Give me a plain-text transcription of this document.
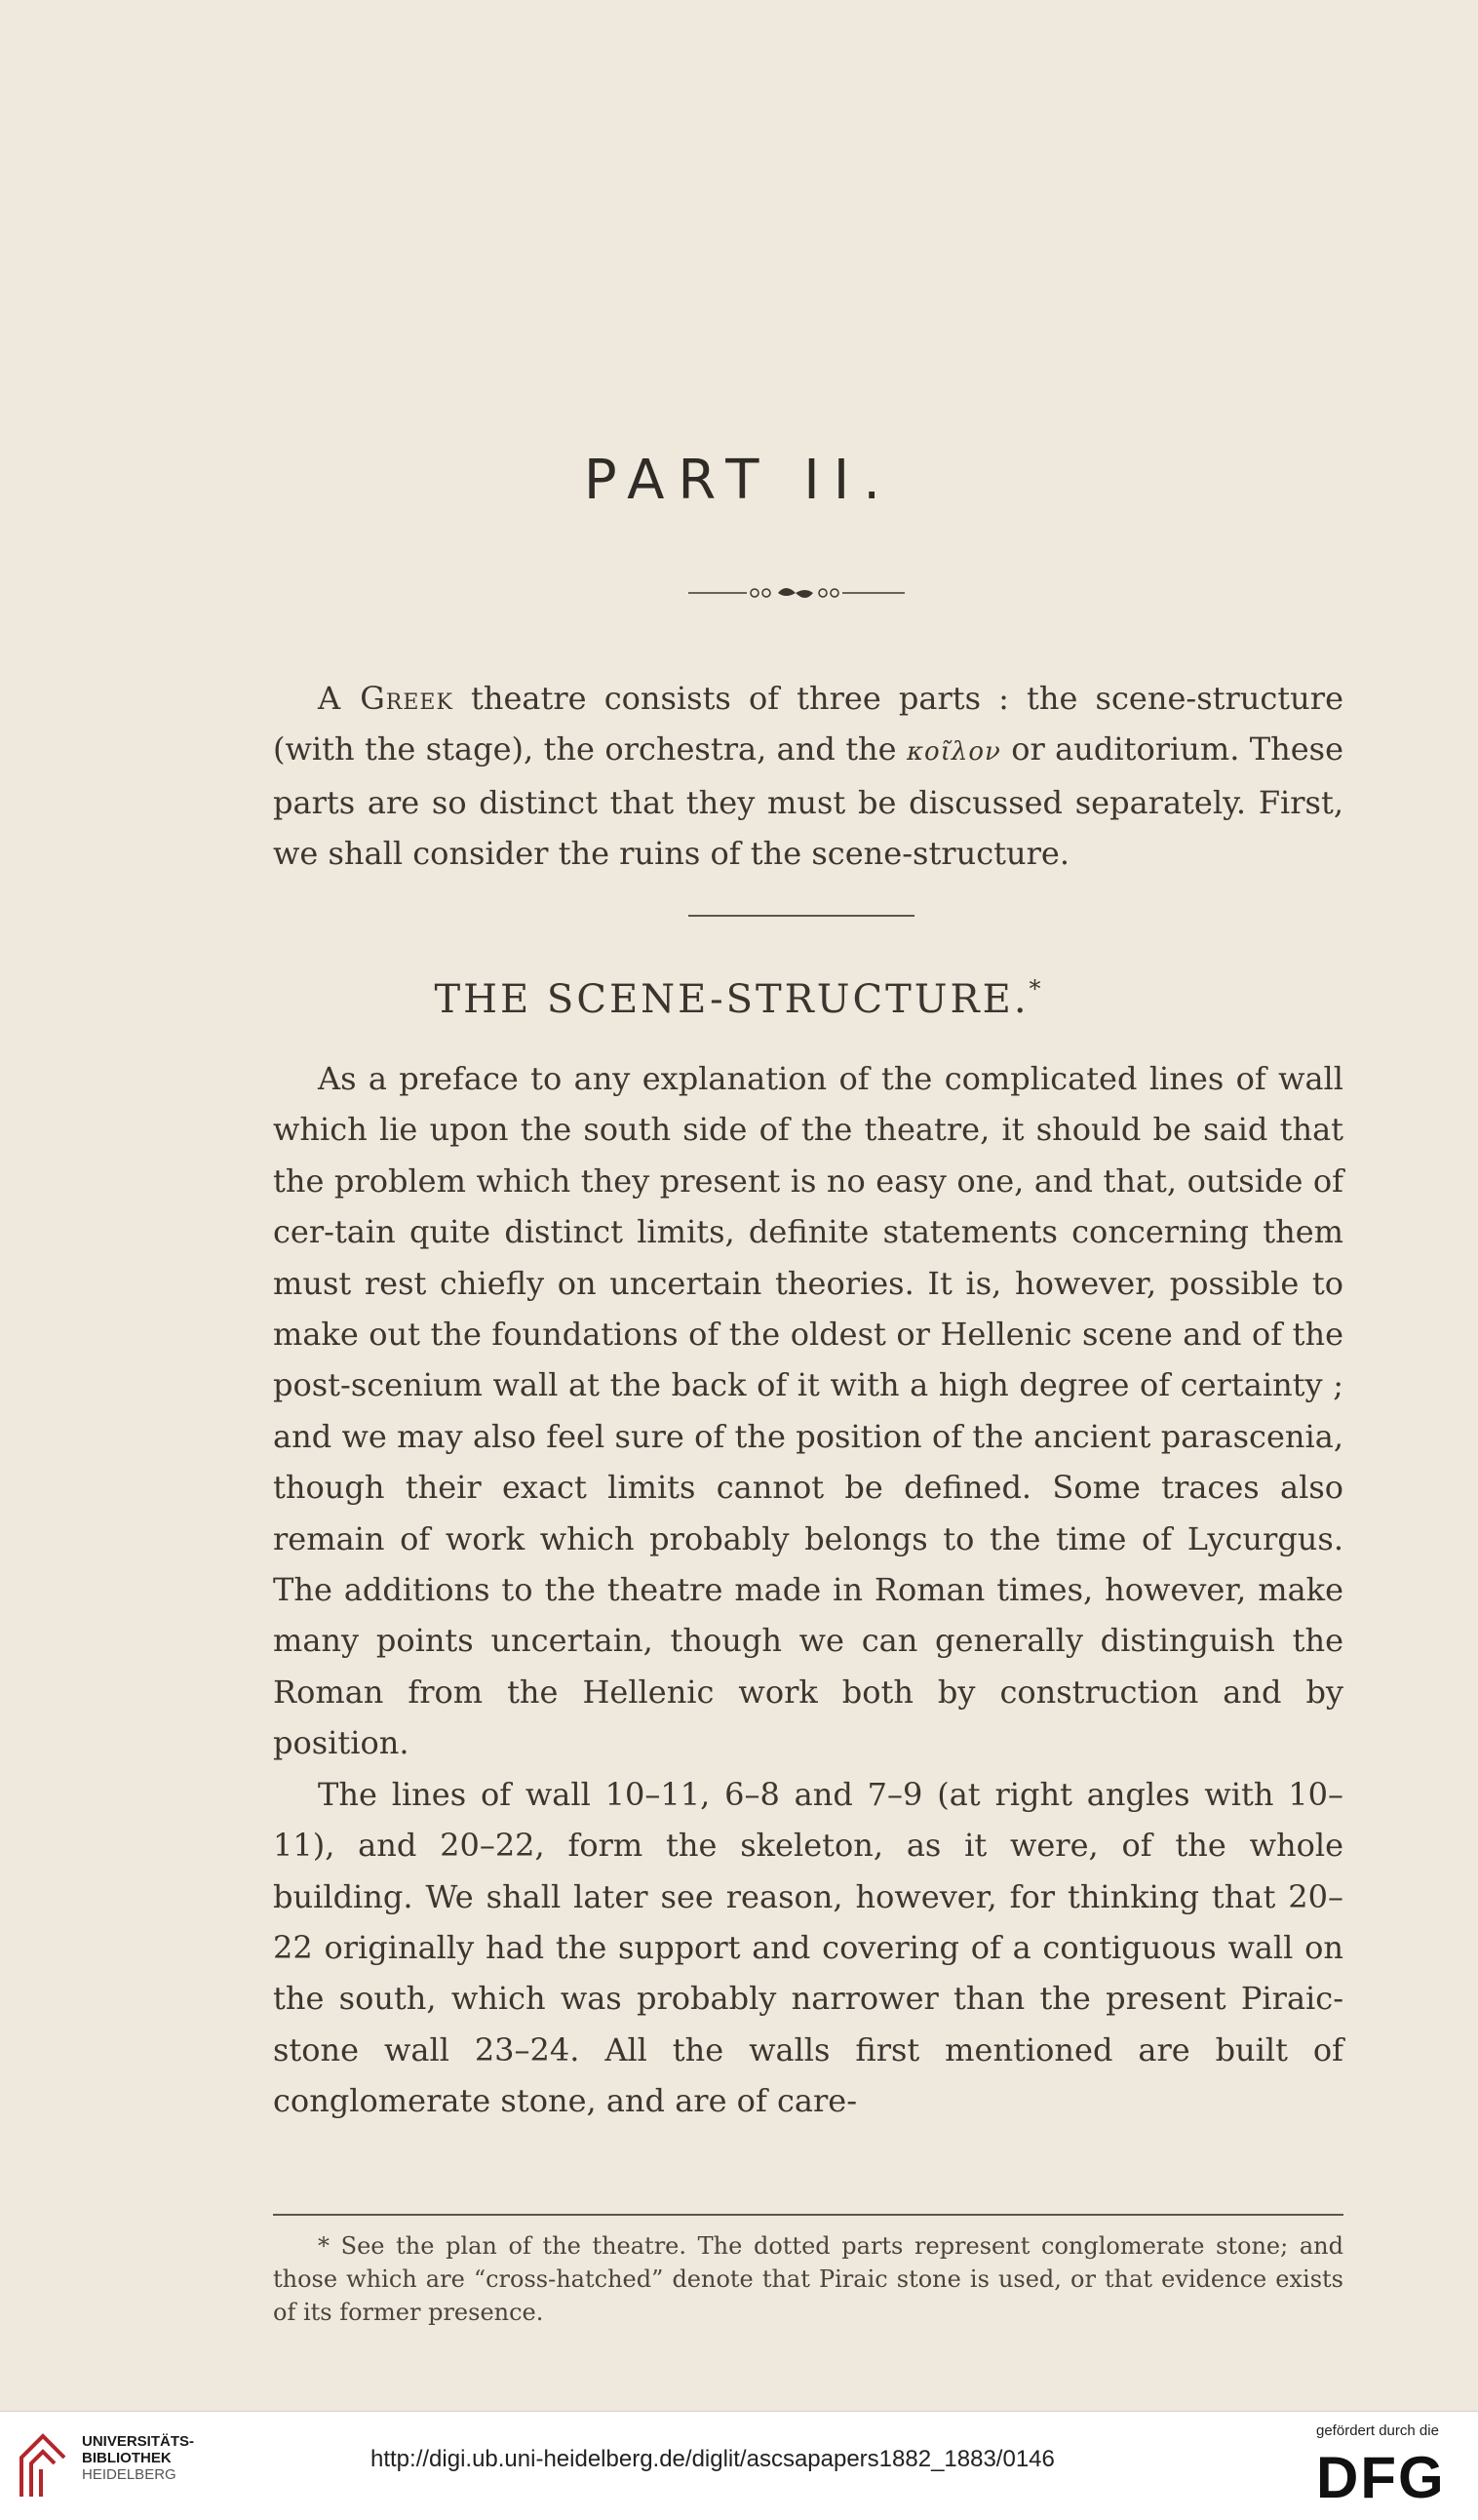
PART II.
A Greek theatre consists of three parts : the scene-structure (with the stage), the orchestra, and the κοῖλον or auditorium. These parts are so distinct that they must be discussed separately. First, we shall consider the ruins of the scene-structure.
THE SCENE-STRUCTURE.*

As a preface to any explanation of the complicated lines of wall which lie upon the south side of the theatre, it should be said that the problem which they present is no easy one, and that, outside of cer-tain quite distinct limits, definite statements concerning them must rest chiefly on uncertain theories. It is, however, possible to make out the foundations of the oldest or Hellenic scene and of the post-scenium wall at the back of it with a high degree of certainty ; and we may also feel sure of the position of the ancient parascenia, though their exact limits cannot be defined. Some traces also remain of work which probably belongs to the time of Lycurgus. The additions to the theatre made in Roman times, however, make many points uncertain, though we can generally distinguish the Roman from the Hellenic work both by construction and by position.

The lines of wall 10–11, 6–8 and 7–9 (at right angles with 10–11), and 20–22, form the skeleton, as it were, of the whole building. We shall later see reason, however, for thinking that 20–22 originally had the support and covering of a contiguous wall on the south, which was probably narrower than the present Piraic-stone wall 23–24. All the walls first mentioned are built of conglomerate stone, and are of care-

* See the plan of the theatre. The dotted parts represent conglomerate stone; and those which are “cross-hatched” denote that Piraic stone is used, or that evidence exists of its former presence.
UNIVERSITÄTS-
BIBLIOTHEK
HEIDELBERG
http://digi.ub.uni-heidelberg.de/diglit/ascsapapers1882_1883/0146
gefördert durch die
DFG
